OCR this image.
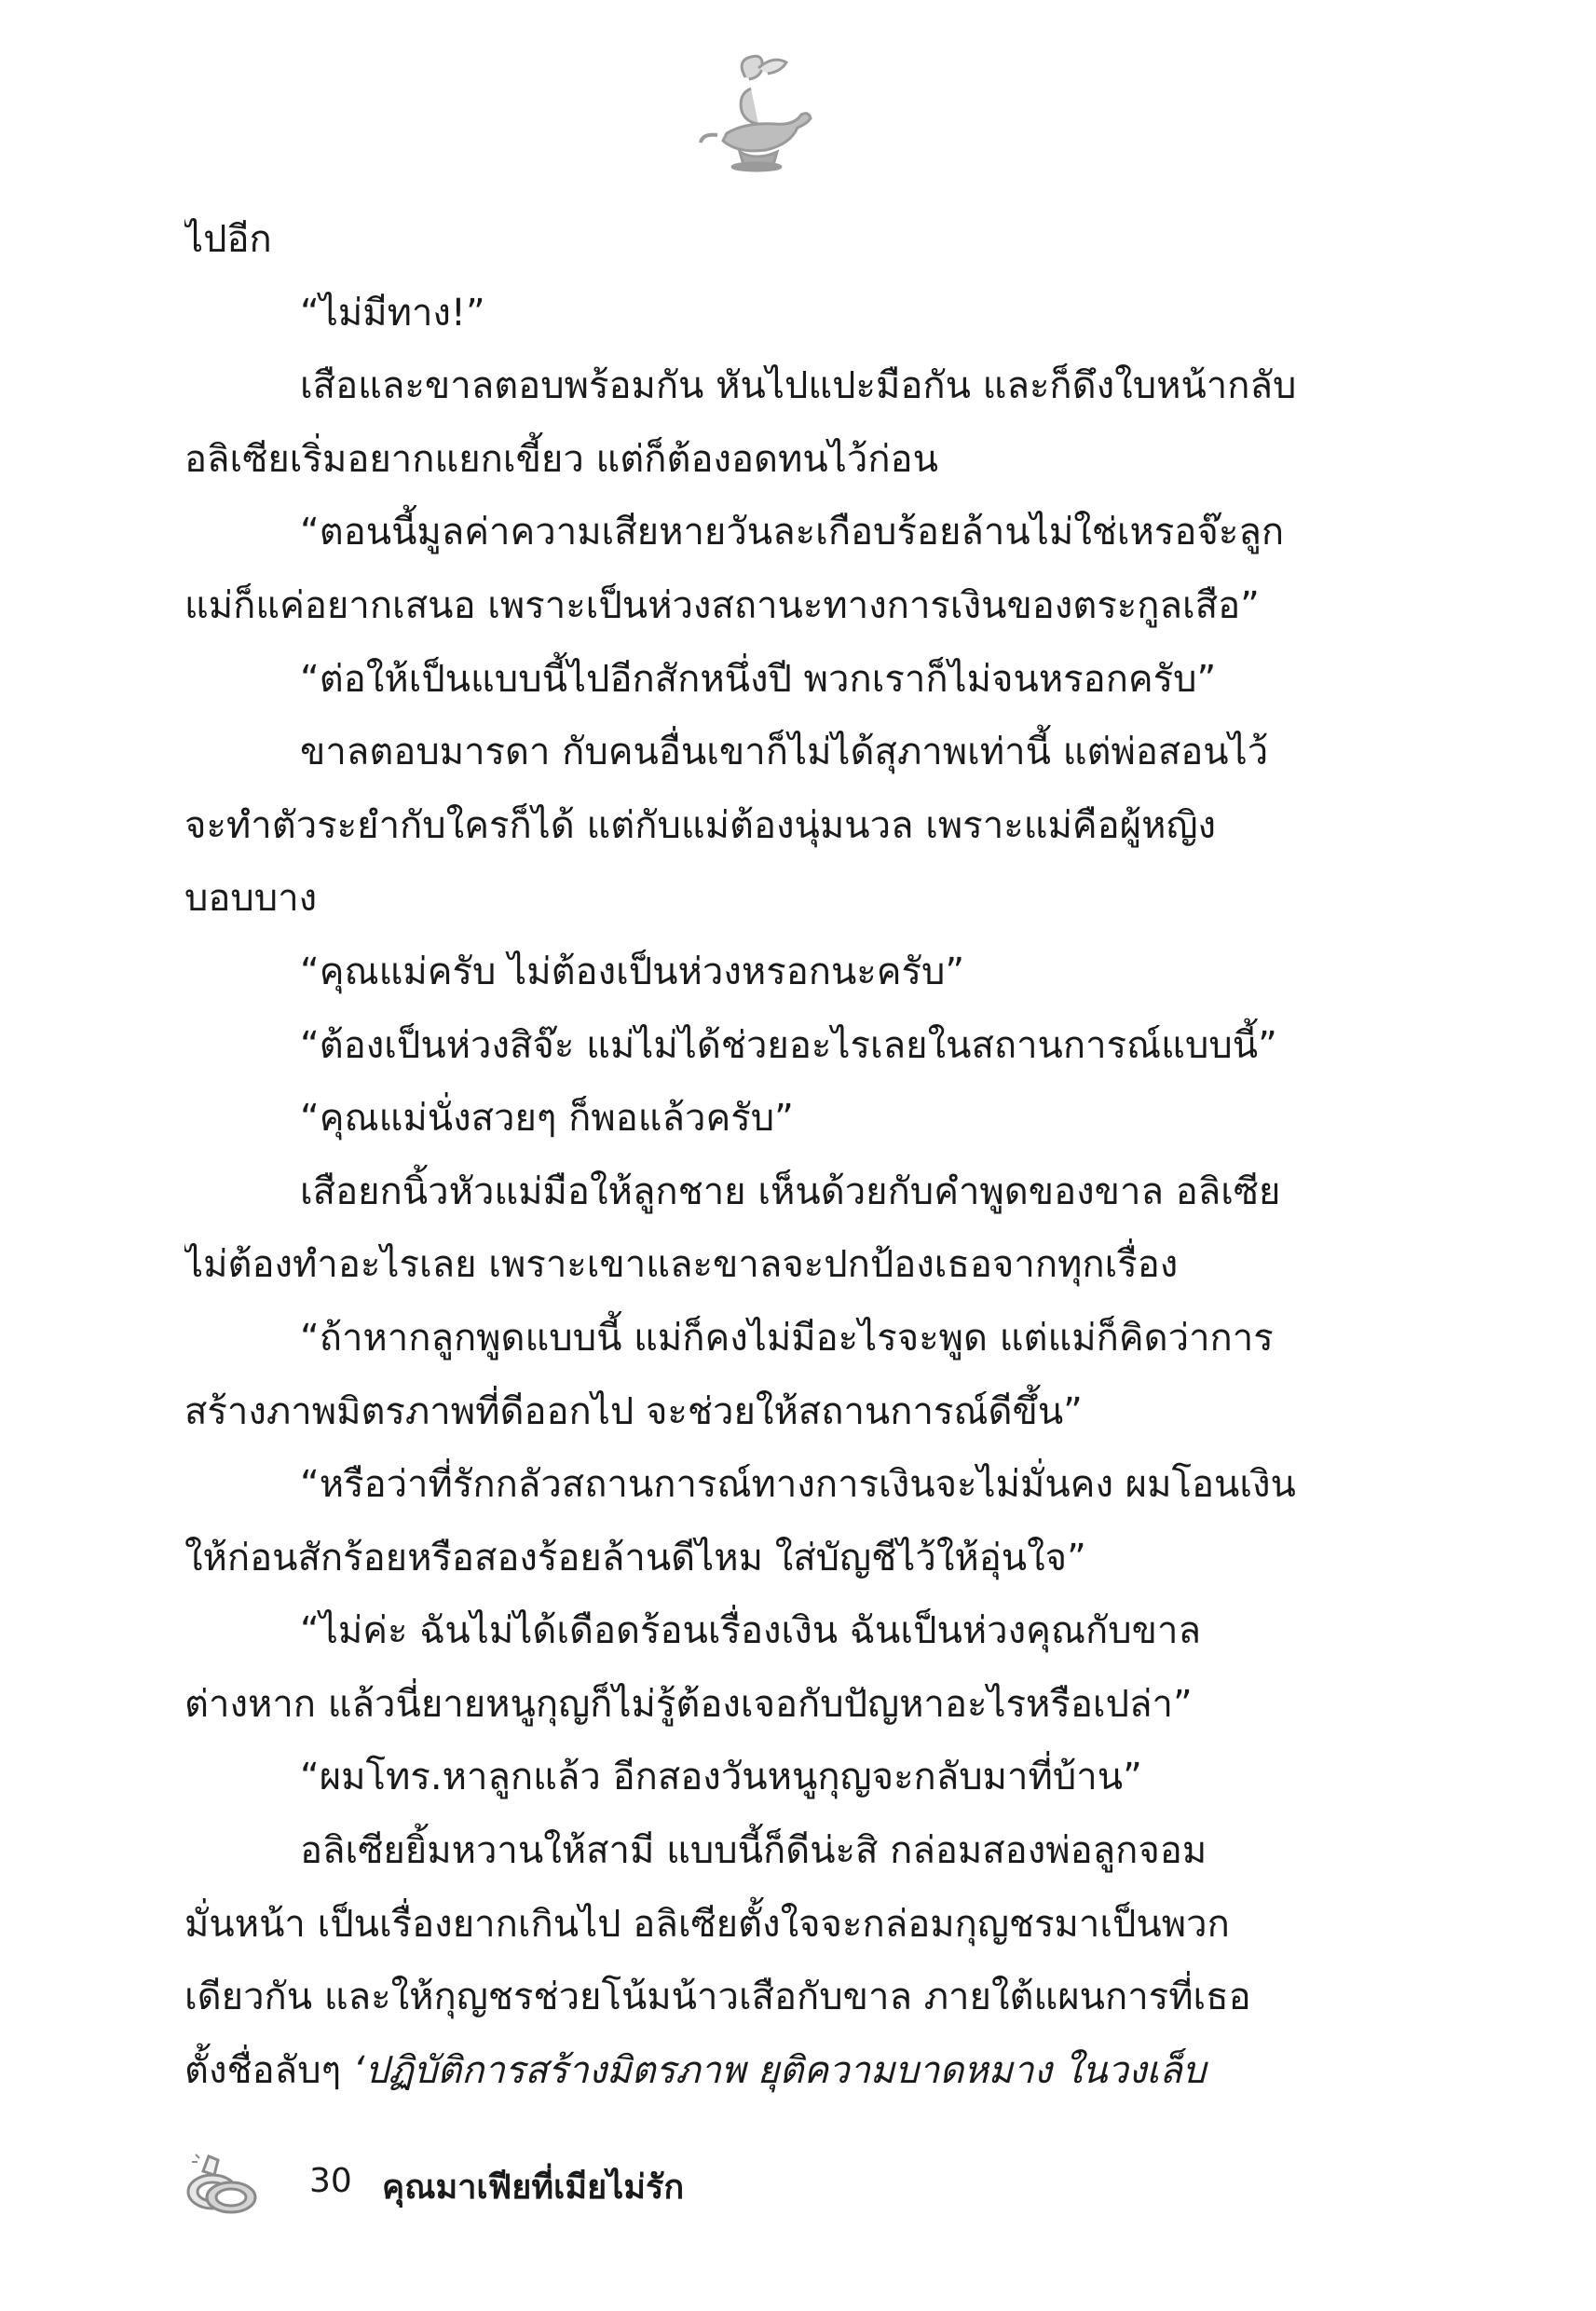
ไปอีก

“ไม่มีทาง!”

เสือและขาลตอบพร้อมกัน หันไปแปะมือกัน และก็ดึงใบหน้ากลับ

อลิเซียเริ่มอยากแยกเขี้ยว แต่ก็ต้องอดทนไว้ก่อน

“ตอนนี้มูลค่าความเสียหายวันละเกือบร้อยล้านไม่ใช่เหรอจ๊ะลูก

แม่ก็แค่อยากเสนอ เพราะเป็นห่วงสถานะทางการเงินของตระกูลเสือ”

“ต่อให้เป็นแบบนี้ไปอีกสักหนึ่งปี พวกเราก็ไม่จนหรอกครับ”

ขาลตอบมารดา กับคนอื่นเขาก็ไม่ได้สุภาพเท่านี้ แต่พ่อสอนไว้

จะทำตัวระยำกับใครก็ได้ แต่กับแม่ต้องนุ่มนวล เพราะแม่คือผู้หญิง

บอบบาง

“คุณแม่ครับ ไม่ต้องเป็นห่วงหรอกนะครับ”

“ต้องเป็นห่วงสิจ๊ะ แม่ไม่ได้ช่วยอะไรเลยในสถานการณ์แบบนี้”

“คุณแม่นั่งสวยๆ ก็พอแล้วครับ”

เสือยกนิ้วหัวแม่มือให้ลูกชาย เห็นด้วยกับคำพูดของขาล อลิเซีย

ไม่ต้องทำอะไรเลย เพราะเขาและขาลจะปกป้องเธอจากทุกเรื่อง

“ถ้าหากลูกพูดแบบนี้ แม่ก็คงไม่มีอะไรจะพูด แต่แม่ก็คิดว่าการ

สร้างภาพมิตรภาพที่ดีออกไป จะช่วยให้สถานการณ์ดีขึ้น”

“หรือว่าที่รักกลัวสถานการณ์ทางการเงินจะไม่มั่นคง ผมโอนเงิน

ให้ก่อนสักร้อยหรือสองร้อยล้านดีไหม ใส่บัญชีไว้ให้อุ่นใจ”

“ไม่ค่ะ ฉันไม่ได้เดือดร้อนเรื่องเงิน ฉันเป็นห่วงคุณกับขาล

ต่างหาก แล้วนี่ยายหนูกุญก็ไม่รู้ต้องเจอกับปัญหาอะไรหรือเปล่า”

“ผมโทร.หาลูกแล้ว อีกสองวันหนูกุญจะกลับมาที่บ้าน”

อลิเซียยิ้มหวานให้สามี แบบนี้ก็ดีน่ะสิ กล่อมสองพ่อลูกจอม

มั่นหน้า เป็นเรื่องยากเกินไป อลิเซียตั้งใจจะกล่อมกุญชรมาเป็นพวก

เดียวกัน และให้กุญชรช่วยโน้มน้าวเสือกับขาล ภายใต้แผนการที่เธอ

ตั้งชื่อลับๆ ‘ปฏิบัติการสร้างมิตรภาพ ยุติความบาดหมาง ในวงเล็บ

30 คุณมาเฟียที่เมียไม่รัก
